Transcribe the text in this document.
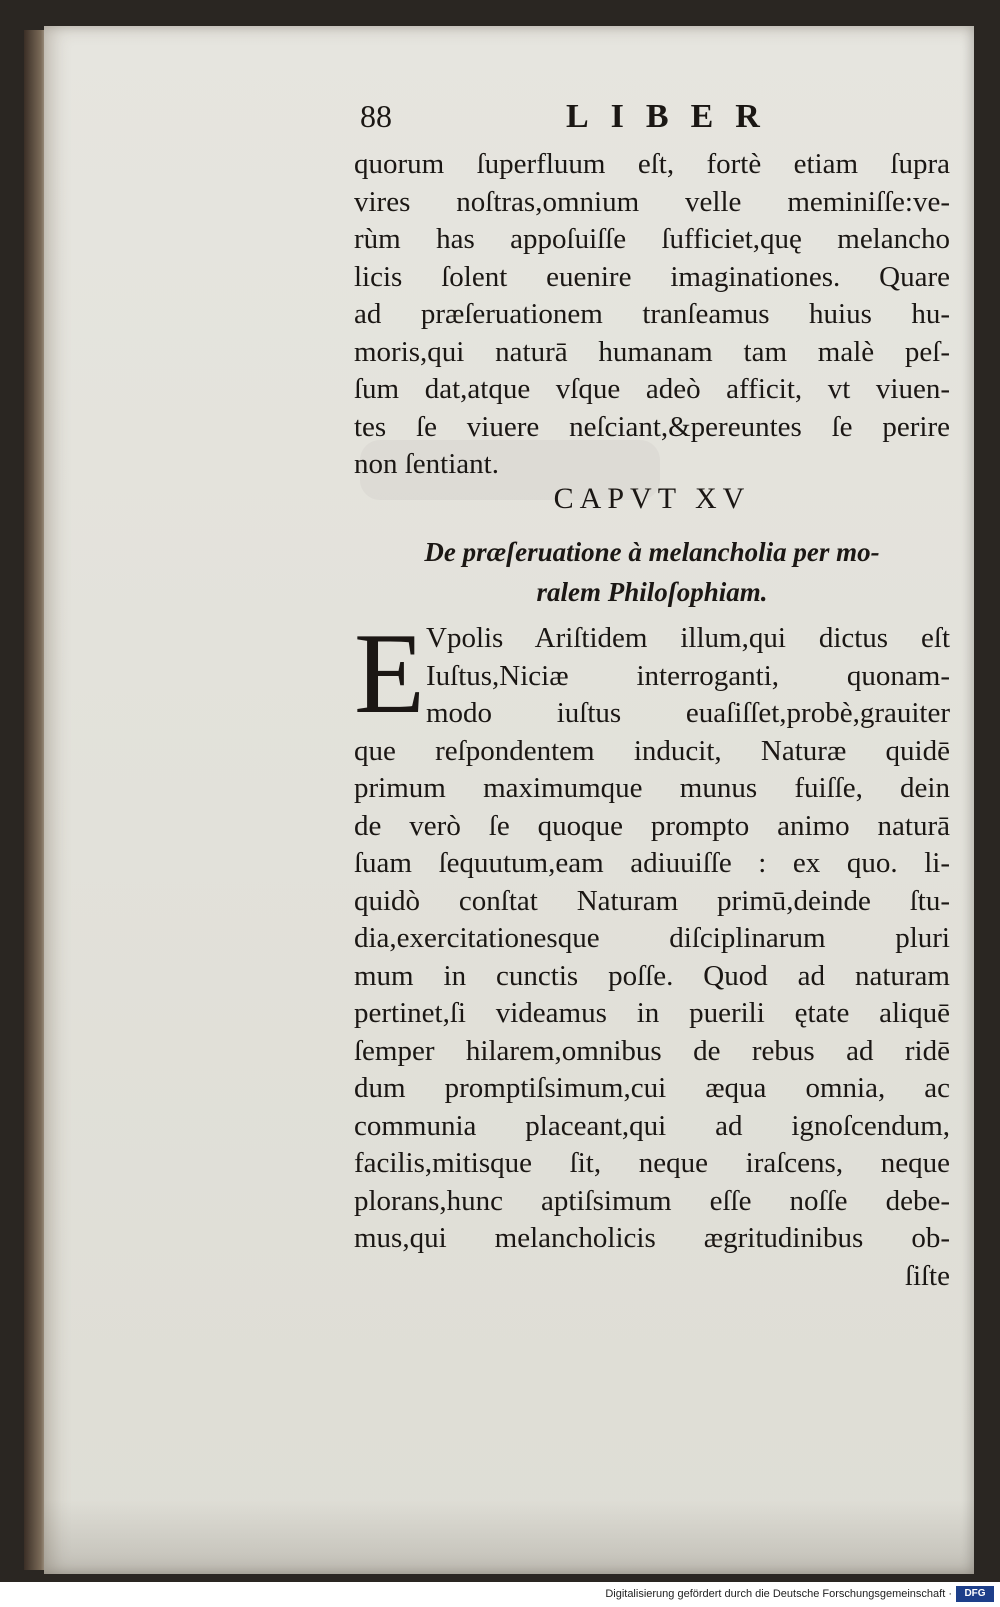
88	LIBER
quorum ſuperfluum eſt, fortè etiam ſupra
vires noſtras,omnium velle meminiſſe:ve-
rùm has appoſuiſſe ſufficiet,quę melancho
licis ſolent euenire imaginationes. Quare
ad præſeruationem tranſeamus huius hu-
moris,qui naturā humanam tam malè peſ-
ſum dat,atque vſque adeò afficit, vt viuen-
tes ſe viuere neſciant,&pereuntes ſe perire
non ſentiant.
CAPVT XV
De præſeruatione à melancholia per mo-
ralem Philoſophiam.
E Vpolis Ariſtidem illum,qui dictus eſt
Iuſtus,Niciæ interroganti, quonam-
modo iuſtus euaſiſſet,probè,grauiter
que reſpondentem inducit, Naturæ quidē
primum maximumque munus fuiſſe, dein
de verò ſe quoque prompto animo naturā
ſuam ſequutum,eam adiuuiſſe : ex quo. li-
quidò conſtat Naturam primū,deinde ſtu-
dia,exercitationesque diſciplinarum pluri
mum in cunctis poſſe. Quod ad naturam
pertinet,ſi videamus in puerili ętate aliquē
ſemper hilarem,omnibus de rebus ad ridē
dum promptiſsimum,cui æqua omnia, ac
communia placeant,qui ad ignoſcendum,
facilis,mitisque ſit, neque iraſcens, neque
plorans,hunc aptiſsimum eſſe noſſe debe-
mus,qui melancholicis ægritudinibus ob-
ſiſte
Digitalisierung gefördert durch die Deutsche Forschungsgemeinschaft ·	DFG
